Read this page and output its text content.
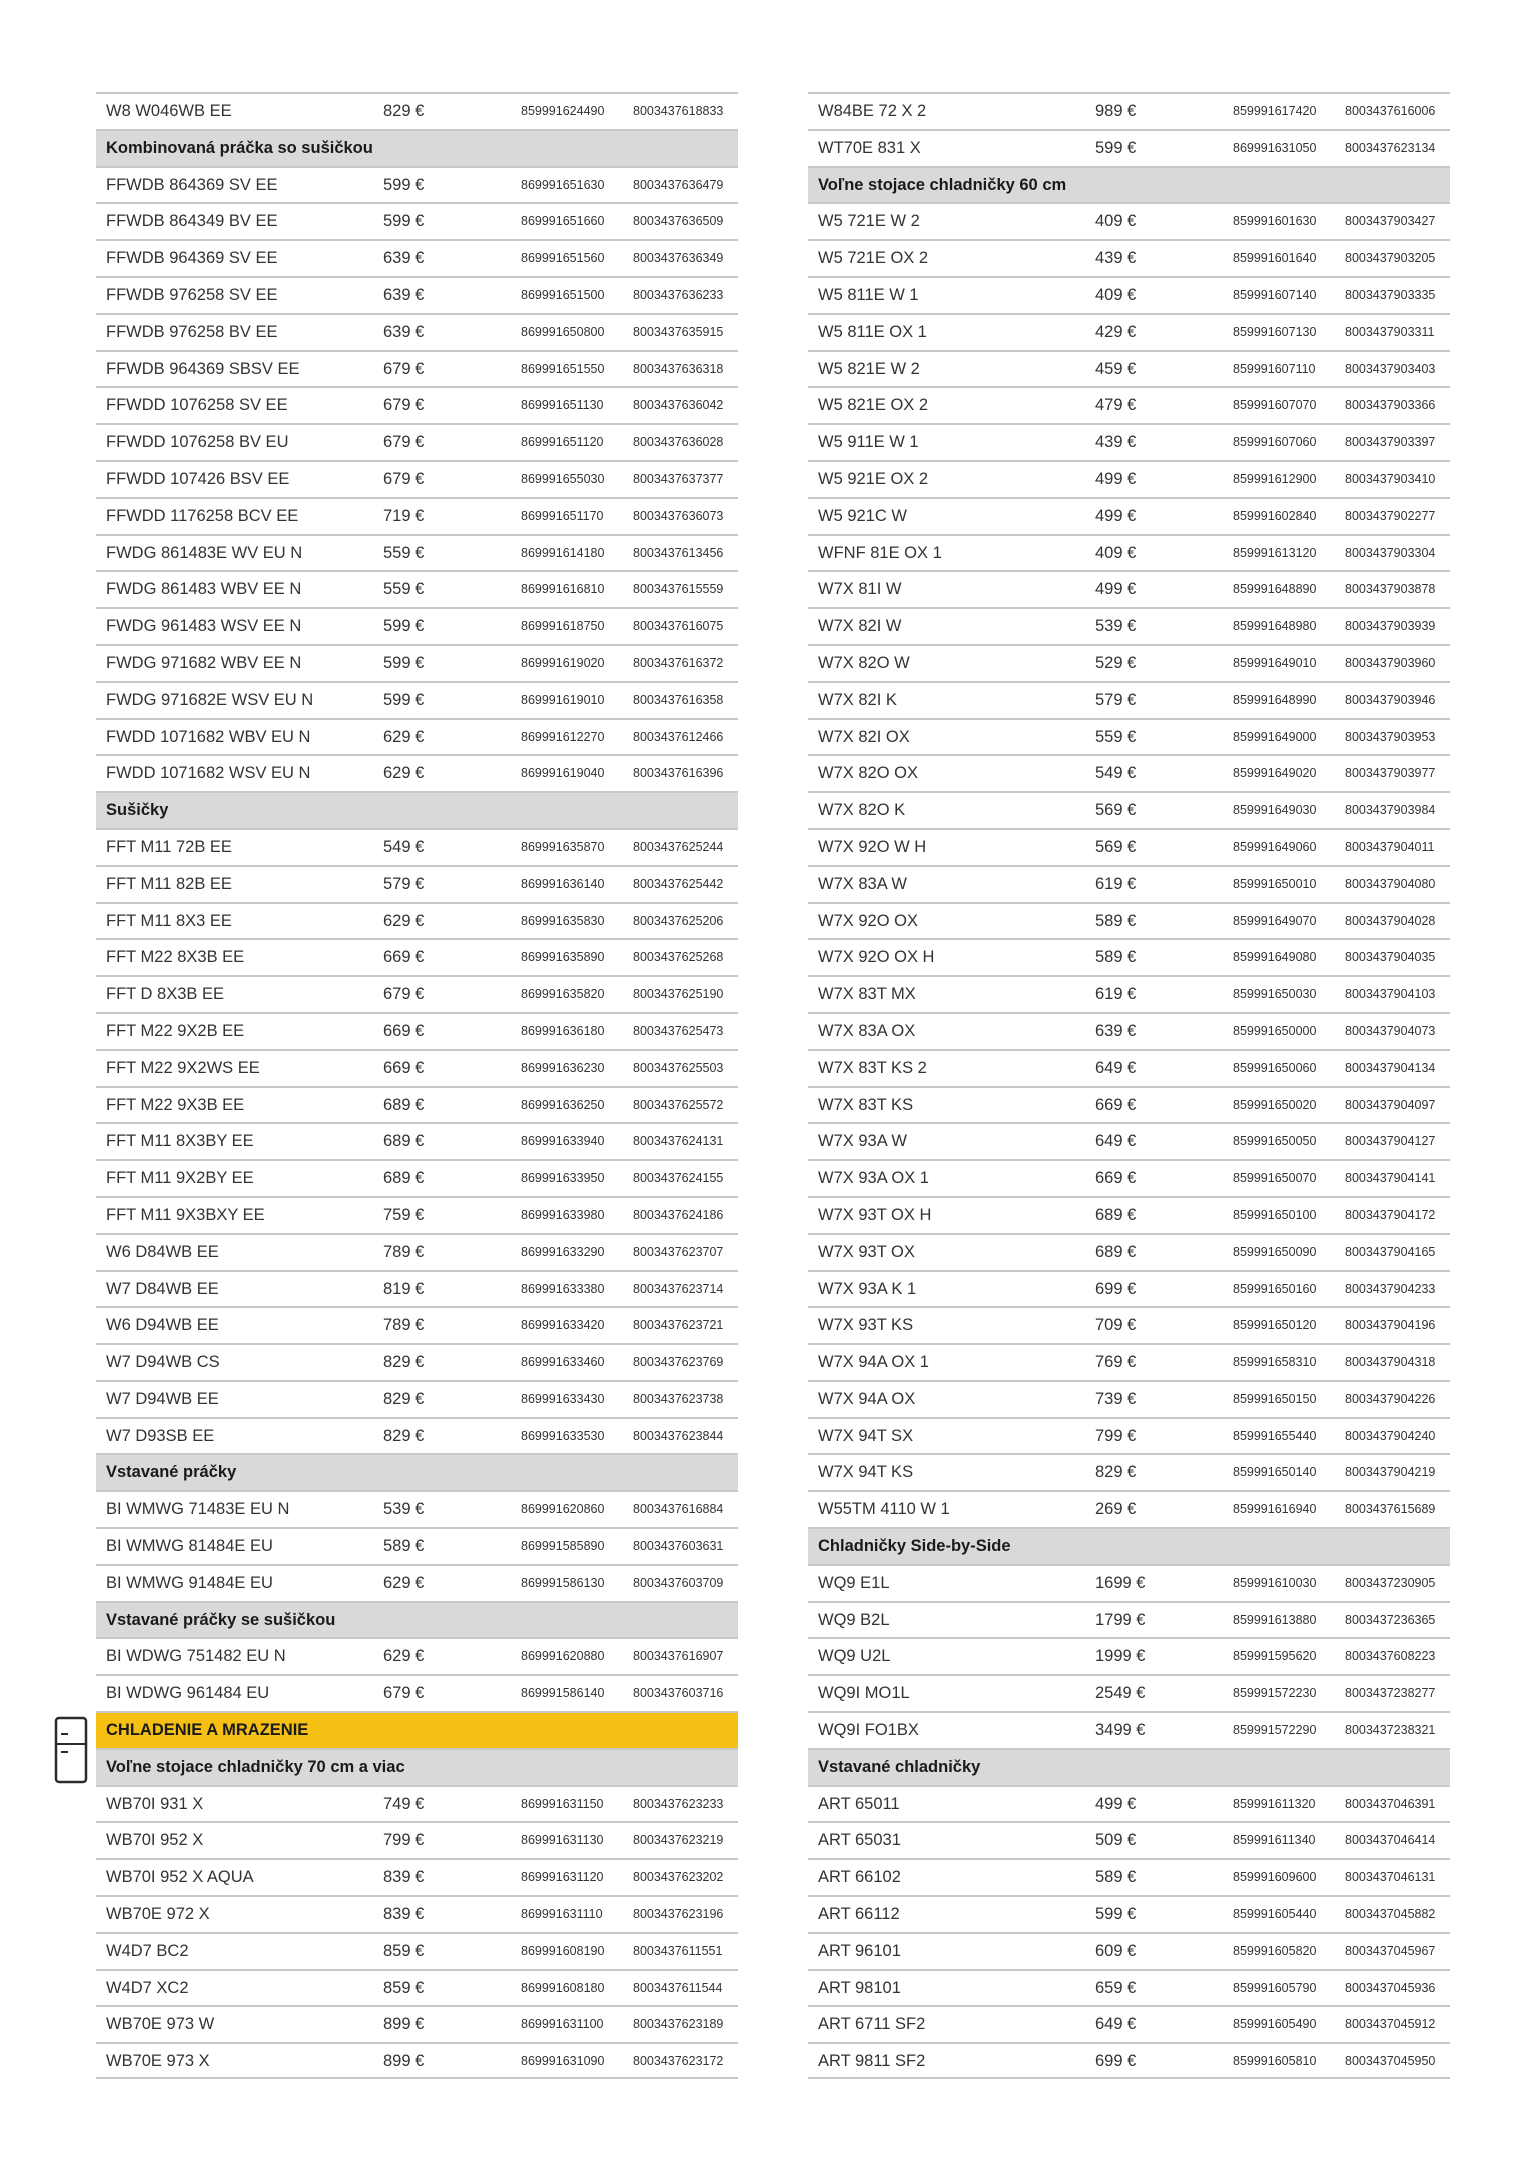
W8 W046WB EE	829 €	859991624490 8003437618833
Kombinovaná práčka so sušičkou
FFWDB 864369 SV EE	599 €	869991651630 8003437636479
FFWDB 864349 BV EE	599 €	869991651660 8003437636509
FFWDB 964369 SV EE	639 €	869991651560 8003437636349
FFWDB 976258 SV EE	639 €	869991651500 8003437636233
FFWDB 976258 BV EE	639 €	869991650800 8003437635915
FFWDB 964369 SBSV EE	679 €	869991651550 8003437636318
FFWDD 1076258 SV EE	679 €	869991651130 8003437636042
FFWDD 1076258 BV EU	679 €	869991651120 8003437636028
FFWDD 107426 BSV EE	679 €	869991655030 8003437637377
FFWDD 1176258 BCV EE	719 €	869991651170 8003437636073
FWDG 861483E WV EU N	559 €	869991614180 8003437613456
FWDG 861483 WBV EE N	559 €	869991616810 8003437615559
FWDG 961483 WSV EE N	599 €	869991618750 8003437616075
FWDG 971682 WBV EE N	599 €	869991619020 8003437616372
FWDG 971682E WSV EU N	599 €	869991619010 8003437616358
FWDD 1071682 WBV EU N	629 €	869991612270 8003437612466
FWDD 1071682 WSV EU N	629 €	869991619040 8003437616396
Sušičky
FFT M11 72B EE	549 €	869991635870 8003437625244
FFT M11 82B EE	579 €	869991636140 8003437625442
FFT M11 8X3 EE	629 €	869991635830 8003437625206
FFT M22 8X3B EE	669 €	869991635890 8003437625268
FFT D 8X3B EE	679 €	869991635820 8003437625190
FFT M22 9X2B EE	669 €	869991636180 8003437625473
FFT M22 9X2WS EE	669 €	869991636230 8003437625503
FFT M22 9X3B EE	689 €	869991636250 8003437625572
FFT M11 8X3BY EE	689 €	869991633940 8003437624131
FFT M11 9X2BY EE	689 €	869991633950 8003437624155
FFT M11 9X3BXY EE	759 €	869991633980 8003437624186
W6 D84WB EE	789 €	869991633290 8003437623707
W7 D84WB EE	819 €	869991633380 8003437623714
W6 D94WB EE	789 €	869991633420 8003437623721
W7 D94WB CS	829 €	869991633460 8003437623769
W7 D94WB EE	829 €	869991633430 8003437623738
W7 D93SB EE	829 €	869991633530 8003437623844
Vstavané práčky
BI WMWG 71483E EU N	539 €	869991620860 8003437616884
BI WMWG 81484E EU	589 €	869991585890 8003437603631
BI WMWG 91484E EU	629 €	869991586130 8003437603709
Vstavané práčky se sušičkou
BI WDWG 751482 EU N	629 €	869991620880 8003437616907
BI WDWG 961484 EU	679 €	869991586140 8003437603716
CHLADENIE A MRAZENIE
Voľne stojace chladničky 70 cm a viac
WB70I 931 X	749 €	869991631150 8003437623233
WB70I 952 X	799 €	869991631130 8003437623219
WB70I 952 X AQUA	839 €	869991631120 8003437623202
WB70E 972 X	839 €	869991631110 8003437623196
W4D7 BC2	859 €	869991608190 8003437611551
W4D7 XC2	859 €	869991608180 8003437611544
WB70E 973 W	899 €	869991631100 8003437623189
WB70E 973 X	899 €	869991631090 8003437623172
W84BE 72 X 2	989 €	859991617420 8003437616006
WT70E 831 X	599 €	869991631050 8003437623134
Voľne stojace chladničky 60 cm
W5 721E W 2	409 €	859991601630 8003437903427
W5 721E OX 2	439 €	859991601640 8003437903205
W5 811E W 1	409 €	859991607140 8003437903335
W5 811E OX 1	429 €	859991607130 8003437903311
W5 821E W 2	459 €	859991607110 8003437903403
W5 821E OX 2	479 €	859991607070 8003437903366
W5 911E W 1	439 €	859991607060 8003437903397
W5 921E OX 2	499 €	859991612900 8003437903410
W5 921C W	499 €	859991602840 8003437902277
WFNF 81E OX 1	409 €	859991613120 8003437903304
W7X 81I W	499 €	859991648890 8003437903878
W7X 82I W	539 €	859991648980 8003437903939
W7X 82O W	529 €	859991649010 8003437903960
W7X 82I K	579 €	859991648990 8003437903946
W7X 82I OX	559 €	859991649000 8003437903953
W7X 82O OX	549 €	859991649020 8003437903977
W7X 82O K	569 €	859991649030 8003437903984
W7X 92O W H	569 €	859991649060 8003437904011
W7X 83A W	619 €	859991650010 8003437904080
W7X 92O OX	589 €	859991649070 8003437904028
W7X 92O OX H	589 €	859991649080 8003437904035
W7X 83T MX	619 €	859991650030 8003437904103
W7X 83A OX	639 €	859991650000 8003437904073
W7X 83T KS 2	649 €	859991650060 8003437904134
W7X 83T KS	669 €	859991650020 8003437904097
W7X 93A W	649 €	859991650050 8003437904127
W7X 93A OX 1	669 €	859991650070 8003437904141
W7X 93T OX H	689 €	859991650100 8003437904172
W7X 93T OX	689 €	859991650090 8003437904165
W7X 93A K 1	699 €	859991650160 8003437904233
W7X 93T KS	709 €	859991650120 8003437904196
W7X 94A OX 1	769 €	859991658310 8003437904318
W7X 94A OX	739 €	859991650150 8003437904226
W7X 94T SX	799 €	859991655440 8003437904240
W7X 94T KS	829 €	859991650140 8003437904219
W55TM 4110 W 1	269 €	859991616940 8003437615689
Chladničky Side-by-Side
WQ9 E1L	1699 €	859991610030 8003437230905
WQ9 B2L	1799 €	859991613880 8003437236365
WQ9 U2L	1999 €	859991595620 8003437608223
WQ9I MO1L	2549 €	859991572230 8003437238277
WQ9I FO1BX	3499 €	859991572290 8003437238321
Vstavané chladničky
ART 65011	499 €	859991611320 8003437046391
ART 65031	509 €	859991611340 8003437046414
ART 66102	589 €	859991609600 8003437046131
ART 66112	599 €	859991605440 8003437045882
ART 96101	609 €	859991605820 8003437045967
ART 98101	659 €	859991605790 8003437045936
ART 6711 SF2	649 €	859991605490 8003437045912
ART 9811 SF2	699 €	859991605810 8003437045950
